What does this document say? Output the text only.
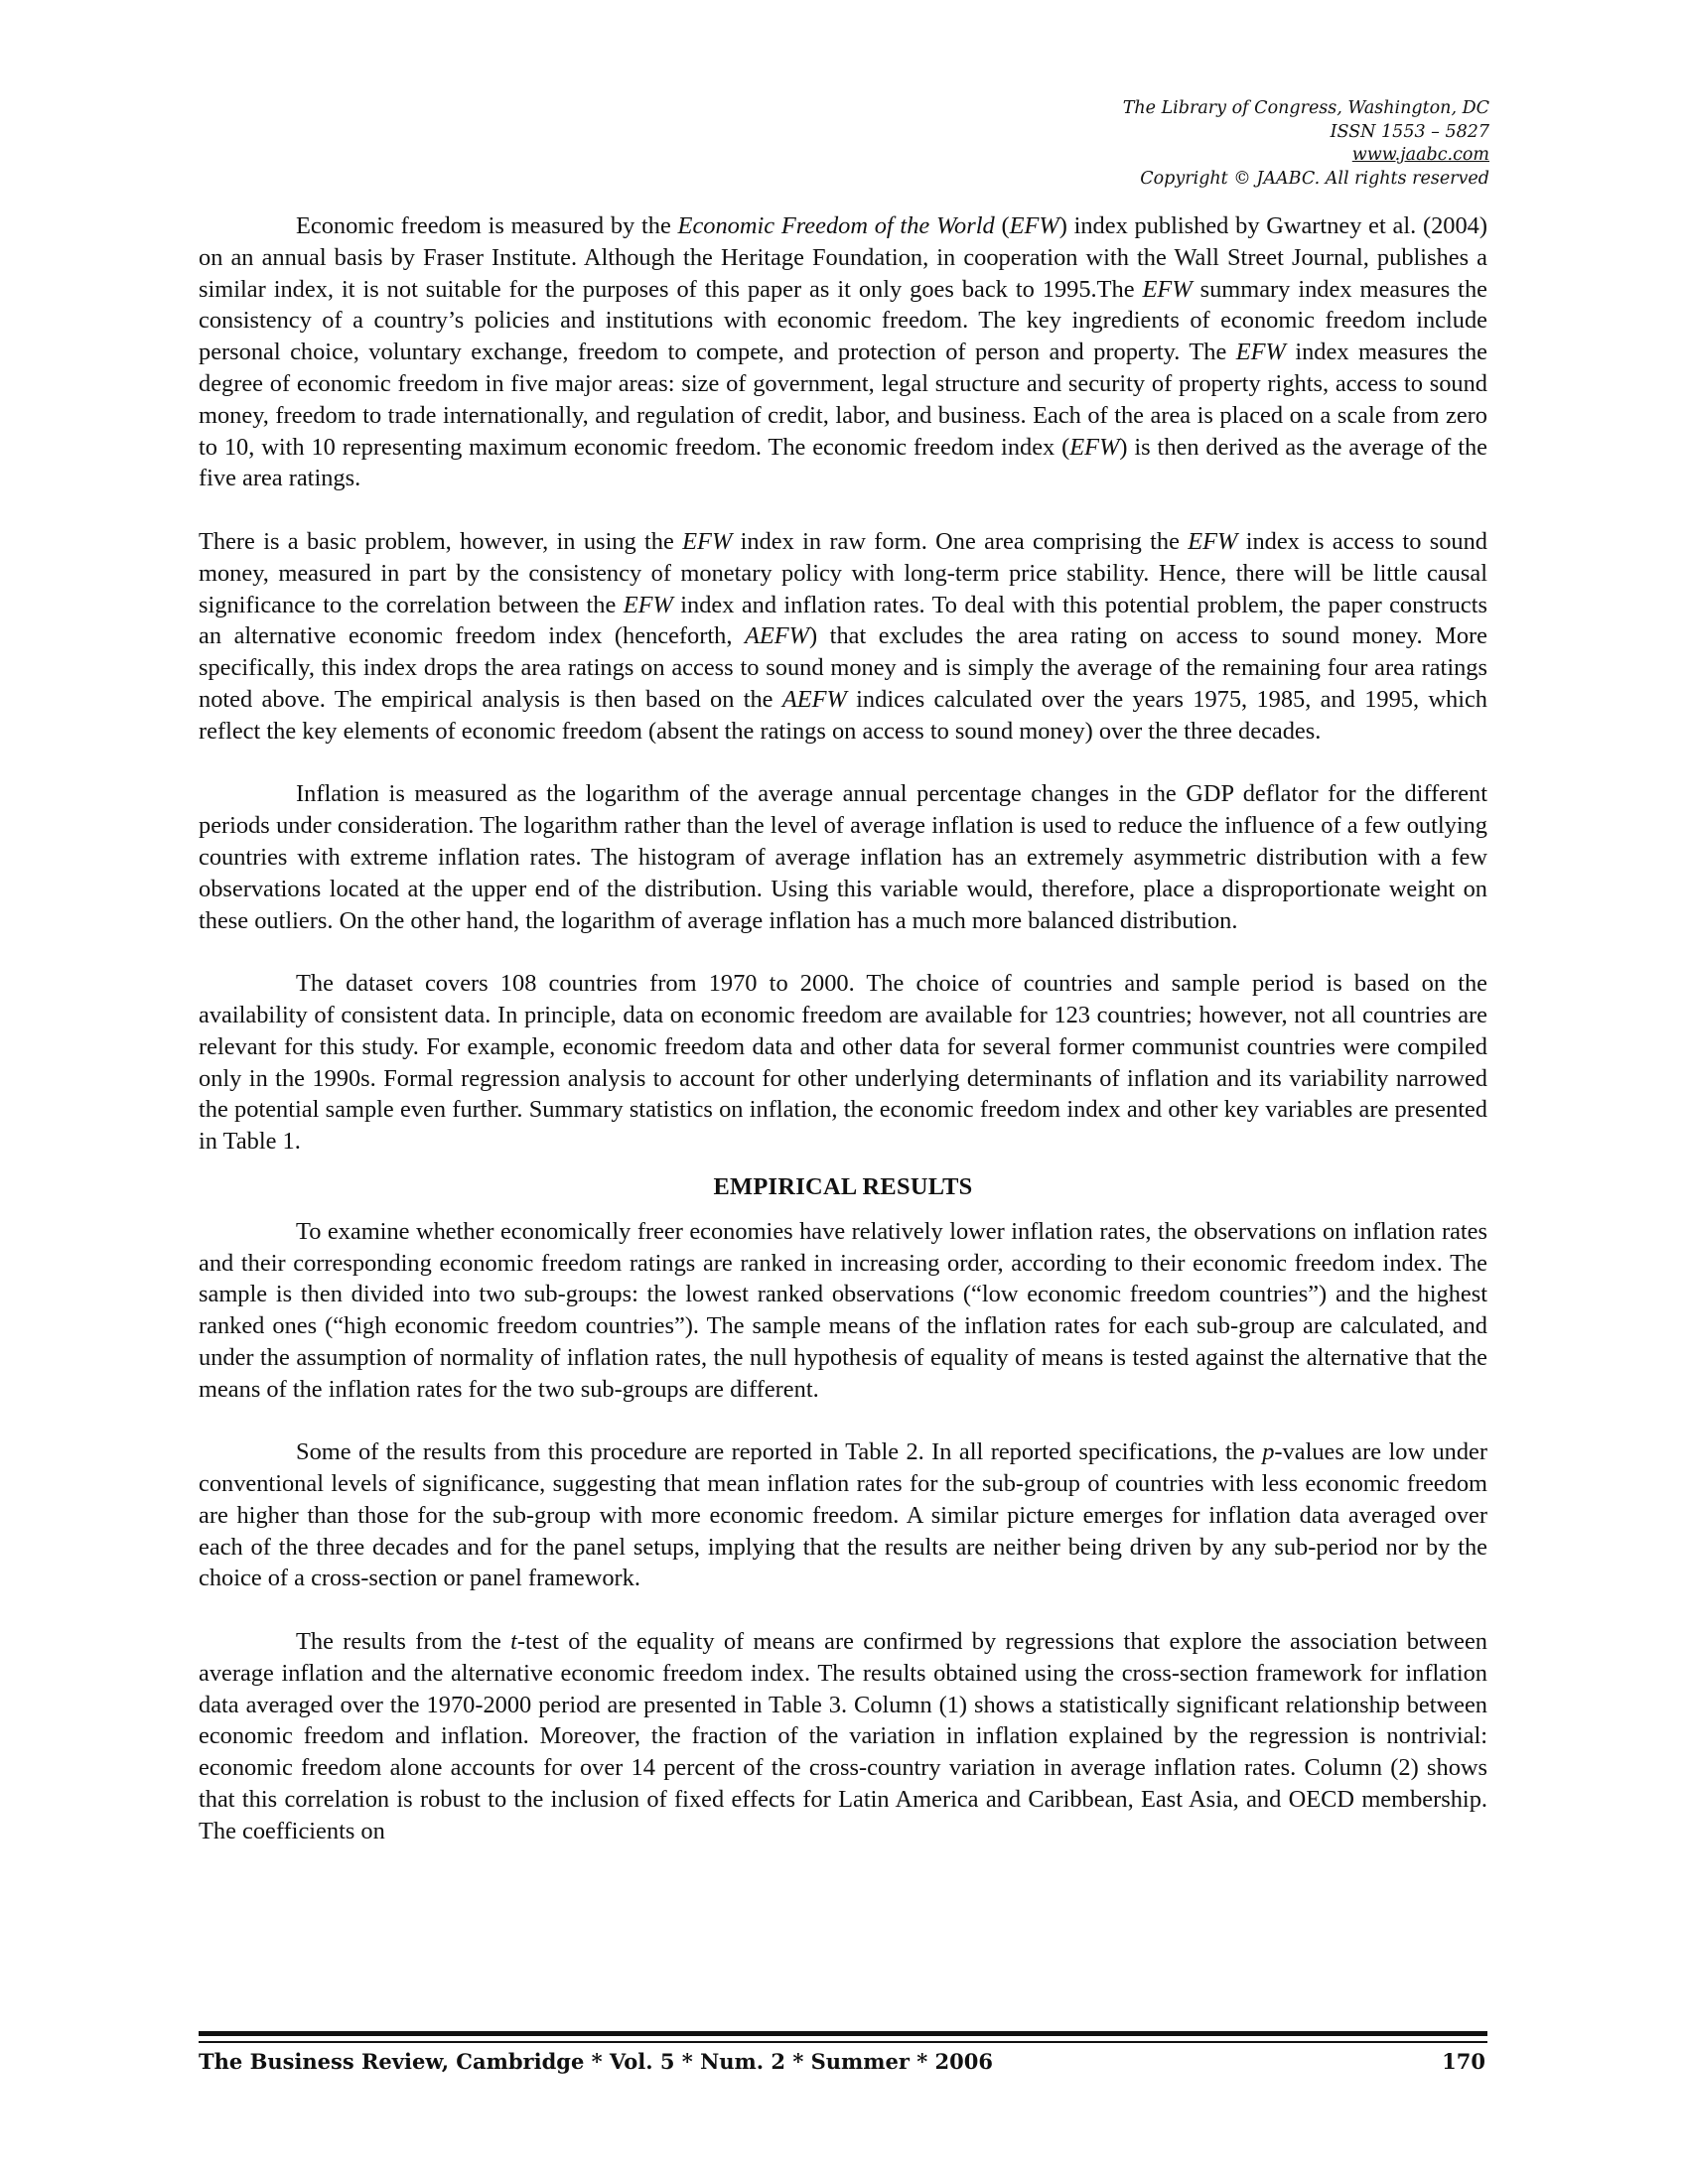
The Library of Congress, Washington, DC
ISSN 1553 – 5827
www.jaabc.com
Copyright © JAABC. All rights reserved

Economic freedom is measured by the Economic Freedom of the World (EFW) index published by Gwartney et al. (2004) on an annual basis by Fraser Institute. Although the Heritage Foundation, in cooperation with the Wall Street Journal, publishes a similar index, it is not suitable for the purposes of this paper as it only goes back to 1995.The EFW summary index measures the consistency of a country’s policies and institutions with economic freedom. The key ingredients of economic freedom include personal choice, voluntary exchange, freedom to compete, and protection of person and property. The EFW index measures the degree of economic freedom in five major areas: size of government, legal structure and security of property rights, access to sound money, freedom to trade internationally, and regulation of credit, labor, and business. Each of the area is placed on a scale from zero to 10, with 10 representing maximum economic freedom. The economic freedom index (EFW) is then derived as the average of the five area ratings.

There is a basic problem, however, in using the EFW index in raw form. One area comprising the EFW index is access to sound money, measured in part by the consistency of monetary policy with long-term price stability. Hence, there will be little causal significance to the correlation between the EFW index and inflation rates. To deal with this potential problem, the paper constructs an alternative economic freedom index (henceforth, AEFW) that excludes the area rating on access to sound money. More specifically, this index drops the area ratings on access to sound money and is simply the average of the remaining four area ratings noted above. The empirical analysis is then based on the AEFW indices calculated over the years 1975, 1985, and 1995, which reflect the key elements of economic freedom (absent the ratings on access to sound money) over the three decades.

Inflation is measured as the logarithm of the average annual percentage changes in the GDP deflator for the different periods under consideration. The logarithm rather than the level of average inflation is used to reduce the influence of a few outlying countries with extreme inflation rates. The histogram of average inflation has an extremely asymmetric distribution with a few observations located at the upper end of the distribution. Using this variable would, therefore, place a disproportionate weight on these outliers. On the other hand, the logarithm of average inflation has a much more balanced distribution.

The dataset covers 108 countries from 1970 to 2000. The choice of countries and sample period is based on the availability of consistent data. In principle, data on economic freedom are available for 123 countries; however, not all countries are relevant for this study. For example, economic freedom data and other data for several former communist countries were compiled only in the 1990s. Formal regression analysis to account for other underlying determinants of inflation and its variability narrowed the potential sample even further. Summary statistics on inflation, the economic freedom index and other key variables are presented in Table 1.

EMPIRICAL RESULTS

To examine whether economically freer economies have relatively lower inflation rates, the observations on inflation rates and their corresponding economic freedom ratings are ranked in increasing order, according to their economic freedom index. The sample is then divided into two sub-groups: the lowest ranked observations (“low economic freedom countries”) and the highest ranked ones (“high economic freedom countries”). The sample means of the inflation rates for each sub-group are calculated, and under the assumption of normality of inflation rates, the null hypothesis of equality of means is tested against the alternative that the means of the inflation rates for the two sub-groups are different.

Some of the results from this procedure are reported in Table 2. In all reported specifications, the p-values are low under conventional levels of significance, suggesting that mean inflation rates for the sub-group of countries with less economic freedom are higher than those for the sub-group with more economic freedom. A similar picture emerges for inflation data averaged over each of the three decades and for the panel setups, implying that the results are neither being driven by any sub-period nor by the choice of a cross-section or panel framework.

The results from the t-test of the equality of means are confirmed by regressions that explore the association between average inflation and the alternative economic freedom index. The results obtained using the cross-section framework for inflation data averaged over the 1970-2000 period are presented in Table 3. Column (1) shows a statistically significant relationship between economic freedom and inflation. Moreover, the fraction of the variation in inflation explained by the regression is nontrivial: economic freedom alone accounts for over 14 percent of the cross-country variation in average inflation rates. Column (2) shows that this correlation is robust to the inclusion of fixed effects for Latin America and Caribbean, East Asia, and OECD membership. The coefficients on

The Business Review, Cambridge * Vol. 5 * Num. 2 * Summer * 2006	170
